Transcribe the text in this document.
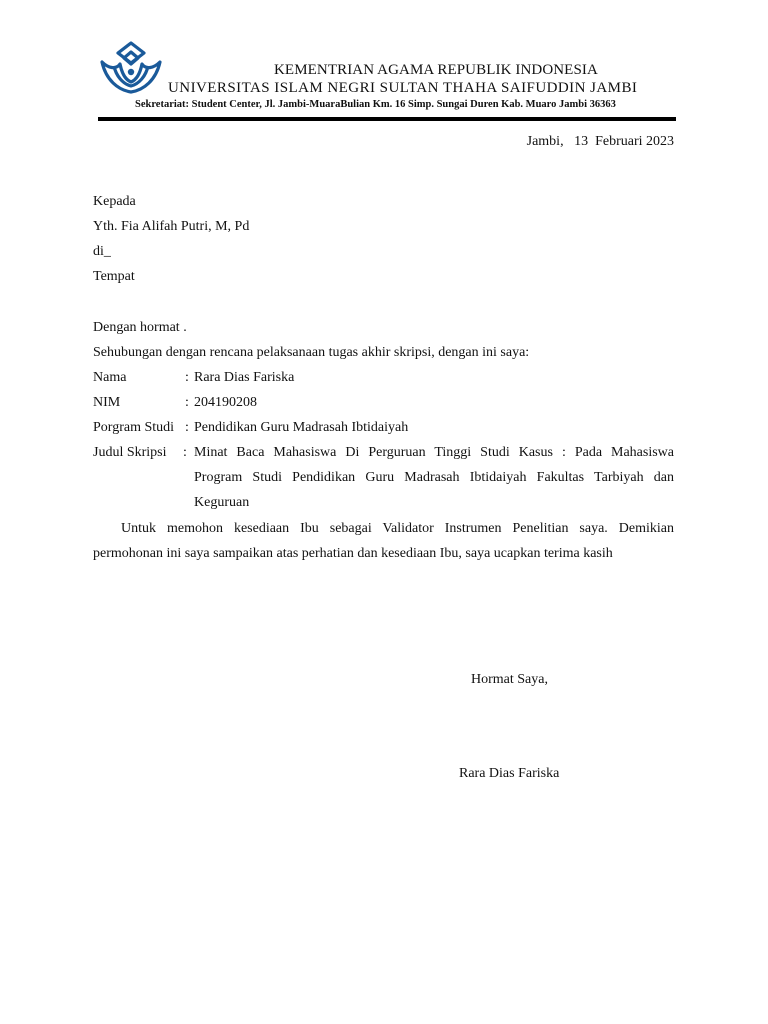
KEMENTRIAN AGAMA REPUBLIK INDONESIA
UNIVERSITAS ISLAM NEGRI SULTAN THAHA SAIFUDDIN JAMBI
Sekretariat: Student Center, Jl. Jambi-MuaraBulian Km. 16 Simp. Sungai Duren Kab. Muaro Jambi 36363
Jambi,   13  Februari 2023
Kepada
Yth. Fia Alifah Putri, M, Pd
di_
Tempat
Dengan hormat .
Sehubungan dengan rencana pelaksanaan tugas akhir skripsi, dengan ini saya:
Nama	: Rara Dias Fariska
NIM	: 204190208
Porgram Studi : Pendidikan Guru Madrasah Ibtidaiyah
Judul Skripsi : Minat Baca Mahasiswa Di Perguruan Tinggi Studi Kasus : Pada Mahasiswa
Program Studi Pendidikan Guru Madrasah Ibtidaiyah Fakultas Tarbiyah dan
Keguruan
Untuk memohon kesediaan Ibu sebagai Validator Instrumen Penelitian saya. Demikian
permohonan ini saya sampaikan atas perhatian dan kesediaan Ibu, saya ucapkan terima kasih
Hormat Saya,
Rara Dias Fariska
